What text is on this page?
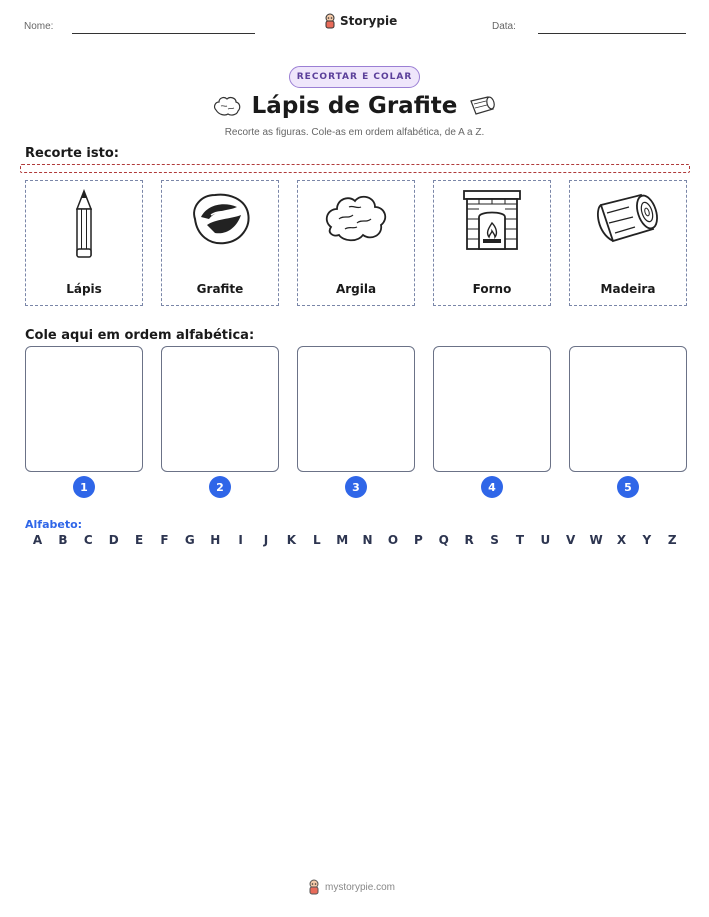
Nome:	Storypie	Data:
RECORTAR E COLAR
Lápis de Grafite
Recorte as figuras. Cole-as em ordem alfabética, de A a Z.
Recorte isto:
Lápis	Grafite	Argila	Forno	Madeira
Cole aqui em ordem alfabética:
1	2	3	4	5
Alfabeto:
A	B	C	D	E	F	G	H	I	J	K	L	M	N	O	P	Q	R	S	T	U	V	W	X	Y	Z
mystorypie.com
